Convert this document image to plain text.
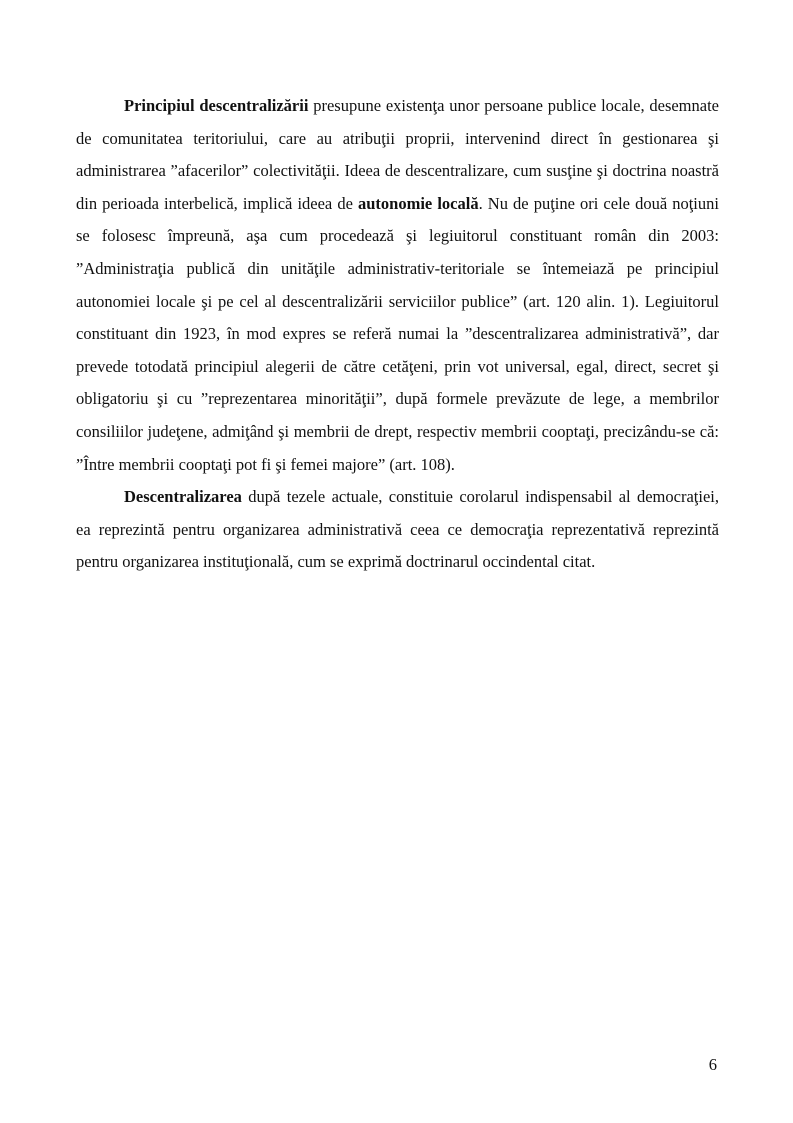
Principiul descentralizării presupune existenţa unor persoane publice locale, desemnate de comunitatea teritoriului, care au atribuţii proprii, intervenind direct în gestionarea şi administrarea ”afacerilor” colectivităţii. Ideea de descentralizare, cum susţine şi doctrina noastră din perioada interbelică, implică ideea de autonomie locală. Nu de puţine ori cele două noţiuni se folosesc împreună, aşa cum procedează şi legiuitorul constituant român din 2003: ”Administraţia publică din unităţile administrativ-teritoriale se întemeiază pe principiul autonomiei locale şi pe cel al descentralizării serviciilor publice” (art. 120 alin. 1). Legiuitorul constituant din 1923, în mod expres se referă numai la ”descentralizarea administrativă”, dar prevede totodată principiul alegerii de către cetăţeni, prin vot universal, egal, direct, secret şi obligatoriu şi cu ”reprezentarea minorităţii”, după formele prevăzute de lege, a membrilor consiliilor judeţene, admiţând şi membrii de drept, respectiv membrii cooptaţi, precizându-se că: ”Între membrii cooptaţi pot fi şi femei majore” (art. 108).

Descentralizarea după tezele actuale, constituie corolarul indispensabil al democraţiei, ea reprezintă pentru organizarea administrativă ceea ce democraţia reprezentativă reprezintă pentru organizarea instituţională, cum se exprimă doctrinarul occindental citat.

6
